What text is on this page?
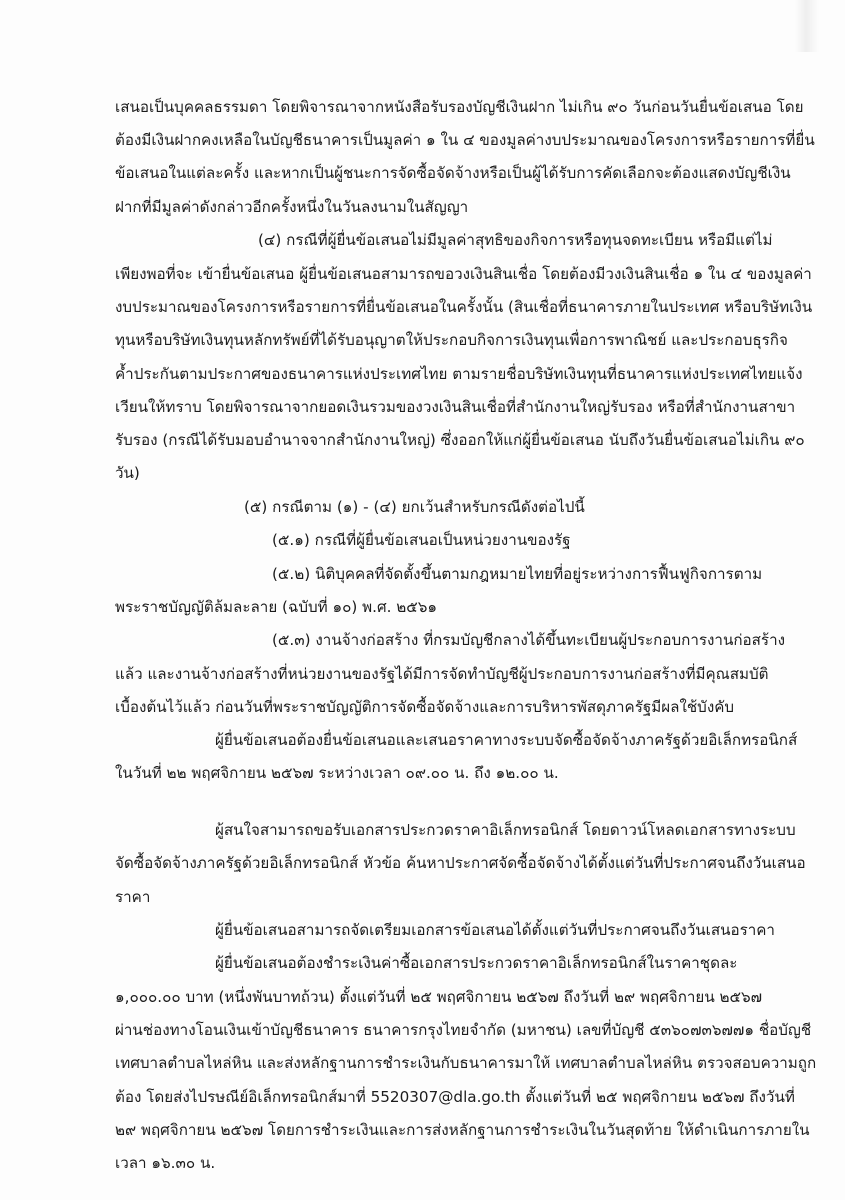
เสนอเป็นบุคคลธรรมดา โดยพิจารณาจากหนังสือรับรองบัญชีเงินฝาก ไม่เกิน ๙๐ วันก่อนวันยื่นข้อเสนอ โดย
ต้องมีเงินฝากคงเหลือในบัญชีธนาคารเป็นมูลค่า ๑ ใน ๔ ของมูลค่างบประมาณของโครงการหรือรายการที่ยื่น
ข้อเสนอในแต่ละครั้ง และหากเป็นผู้ชนะการจัดซื้อจัดจ้างหรือเป็นผู้ได้รับการคัดเลือกจะต้องแสดงบัญชีเงิน
ฝากที่มีมูลค่าดังกล่าวอีกครั้งหนึ่งในวันลงนามในสัญญา
(๔) กรณีที่ผู้ยื่นข้อเสนอไม่มีมูลค่าสุทธิของกิจการหรือทุนจดทะเบียน หรือมีแต่ไม่
เพียงพอที่จะ เข้ายื่นข้อเสนอ ผู้ยื่นข้อเสนอสามารถขอวงเงินสินเชื่อ โดยต้องมีวงเงินสินเชื่อ ๑ ใน ๔ ของมูลค่า
งบประมาณของโครงการหรือรายการที่ยื่นข้อเสนอในครั้งนั้น (สินเชื่อที่ธนาคารภายในประเทศ หรือบริษัทเงิน
ทุนหรือบริษัทเงินทุนหลักทรัพย์ที่ได้รับอนุญาตให้ประกอบกิจการเงินทุนเพื่อการพาณิชย์ และประกอบธุรกิจ
ค้ำประกันตามประกาศของธนาคารแห่งประเทศไทย ตามรายชื่อบริษัทเงินทุนที่ธนาคารแห่งประเทศไทยแจ้ง
เวียนให้ทราบ โดยพิจารณาจากยอดเงินรวมของวงเงินสินเชื่อที่สำนักงานใหญ่รับรอง หรือที่สำนักงานสาขา
รับรอง (กรณีได้รับมอบอำนาจจากสำนักงานใหญ่) ซึ่งออกให้แก่ผู้ยื่นข้อเสนอ นับถึงวันยื่นข้อเสนอไม่เกิน ๙๐
วัน)
(๕) กรณีตาม (๑) - (๔) ยกเว้นสำหรับกรณีดังต่อไปนี้
(๕.๑) กรณีที่ผู้ยื่นข้อเสนอเป็นหน่วยงานของรัฐ
(๕.๒) นิติบุคคลที่จัดตั้งขึ้นตามกฎหมายไทยที่อยู่ระหว่างการฟื้นฟูกิจการตาม
พระราชบัญญัติล้มละลาย (ฉบับที่ ๑๐) พ.ศ. ๒๕๖๑
(๕.๓) งานจ้างก่อสร้าง ที่กรมบัญชีกลางได้ขึ้นทะเบียนผู้ประกอบการงานก่อสร้าง
แล้ว และงานจ้างก่อสร้างที่หน่วยงานของรัฐได้มีการจัดทำบัญชีผู้ประกอบการงานก่อสร้างที่มีคุณสมบัติ
เบื้องต้นไว้แล้ว ก่อนวันที่พระราชบัญญัติการจัดซื้อจัดจ้างและการบริหารพัสดุภาครัฐมีผลใช้บังคับ
ผู้ยื่นข้อเสนอต้องยื่นข้อเสนอและเสนอราคาทางระบบจัดซื้อจัดจ้างภาครัฐด้วยอิเล็กทรอนิกส์
ในวันที่ ๒๒ พฤศจิกายน ๒๕๖๗ ระหว่างเวลา ๐๙.๐๐ น. ถึง ๑๒.๐๐ น.
ผู้สนใจสามารถขอรับเอกสารประกวดราคาอิเล็กทรอนิกส์ โดยดาวน์โหลดเอกสารทางระบบ
จัดซื้อจัดจ้างภาครัฐด้วยอิเล็กทรอนิกส์ หัวข้อ ค้นหาประกาศจัดซื้อจัดจ้างได้ตั้งแต่วันที่ประกาศจนถึงวันเสนอ
ราคา
ผู้ยื่นข้อเสนอสามารถจัดเตรียมเอกสารข้อเสนอได้ตั้งแต่วันที่ประกาศจนถึงวันเสนอราคา
ผู้ยื่นข้อเสนอต้องชำระเงินค่าซื้อเอกสารประกวดราคาอิเล็กทรอนิกส์ในราคาชุดละ
๑,๐๐๐.๐๐ บาท (หนึ่งพันบาทถ้วน) ตั้งแต่วันที่ ๒๕ พฤศจิกายน ๒๕๖๗ ถึงวันที่ ๒๙ พฤศจิกายน ๒๕๖๗
ผ่านช่องทางโอนเงินเข้าบัญชีธนาคาร ธนาคารกรุงไทยจำกัด (มหาชน) เลขที่บัญชี ๕๓๖๐๗๓๖๗๗๑ ชื่อบัญชี
เทศบาลตำบลไหล่หิน และส่งหลักฐานการชำระเงินกับธนาคารมาให้ เทศบาลตำบลไหล่หิน ตรวจสอบความถูก
ต้อง โดยส่งไปรษณีย์อิเล็กทรอนิกส์มาที่ 5520307@dla.go.th ตั้งแต่วันที่ ๒๕ พฤศจิกายน ๒๕๖๗ ถึงวันที่
๒๙ พฤศจิกายน ๒๕๖๗ โดยการชำระเงินและการส่งหลักฐานการชำระเงินในวันสุดท้าย ให้ดำเนินการภายใน
เวลา ๑๖.๓๐ น.
